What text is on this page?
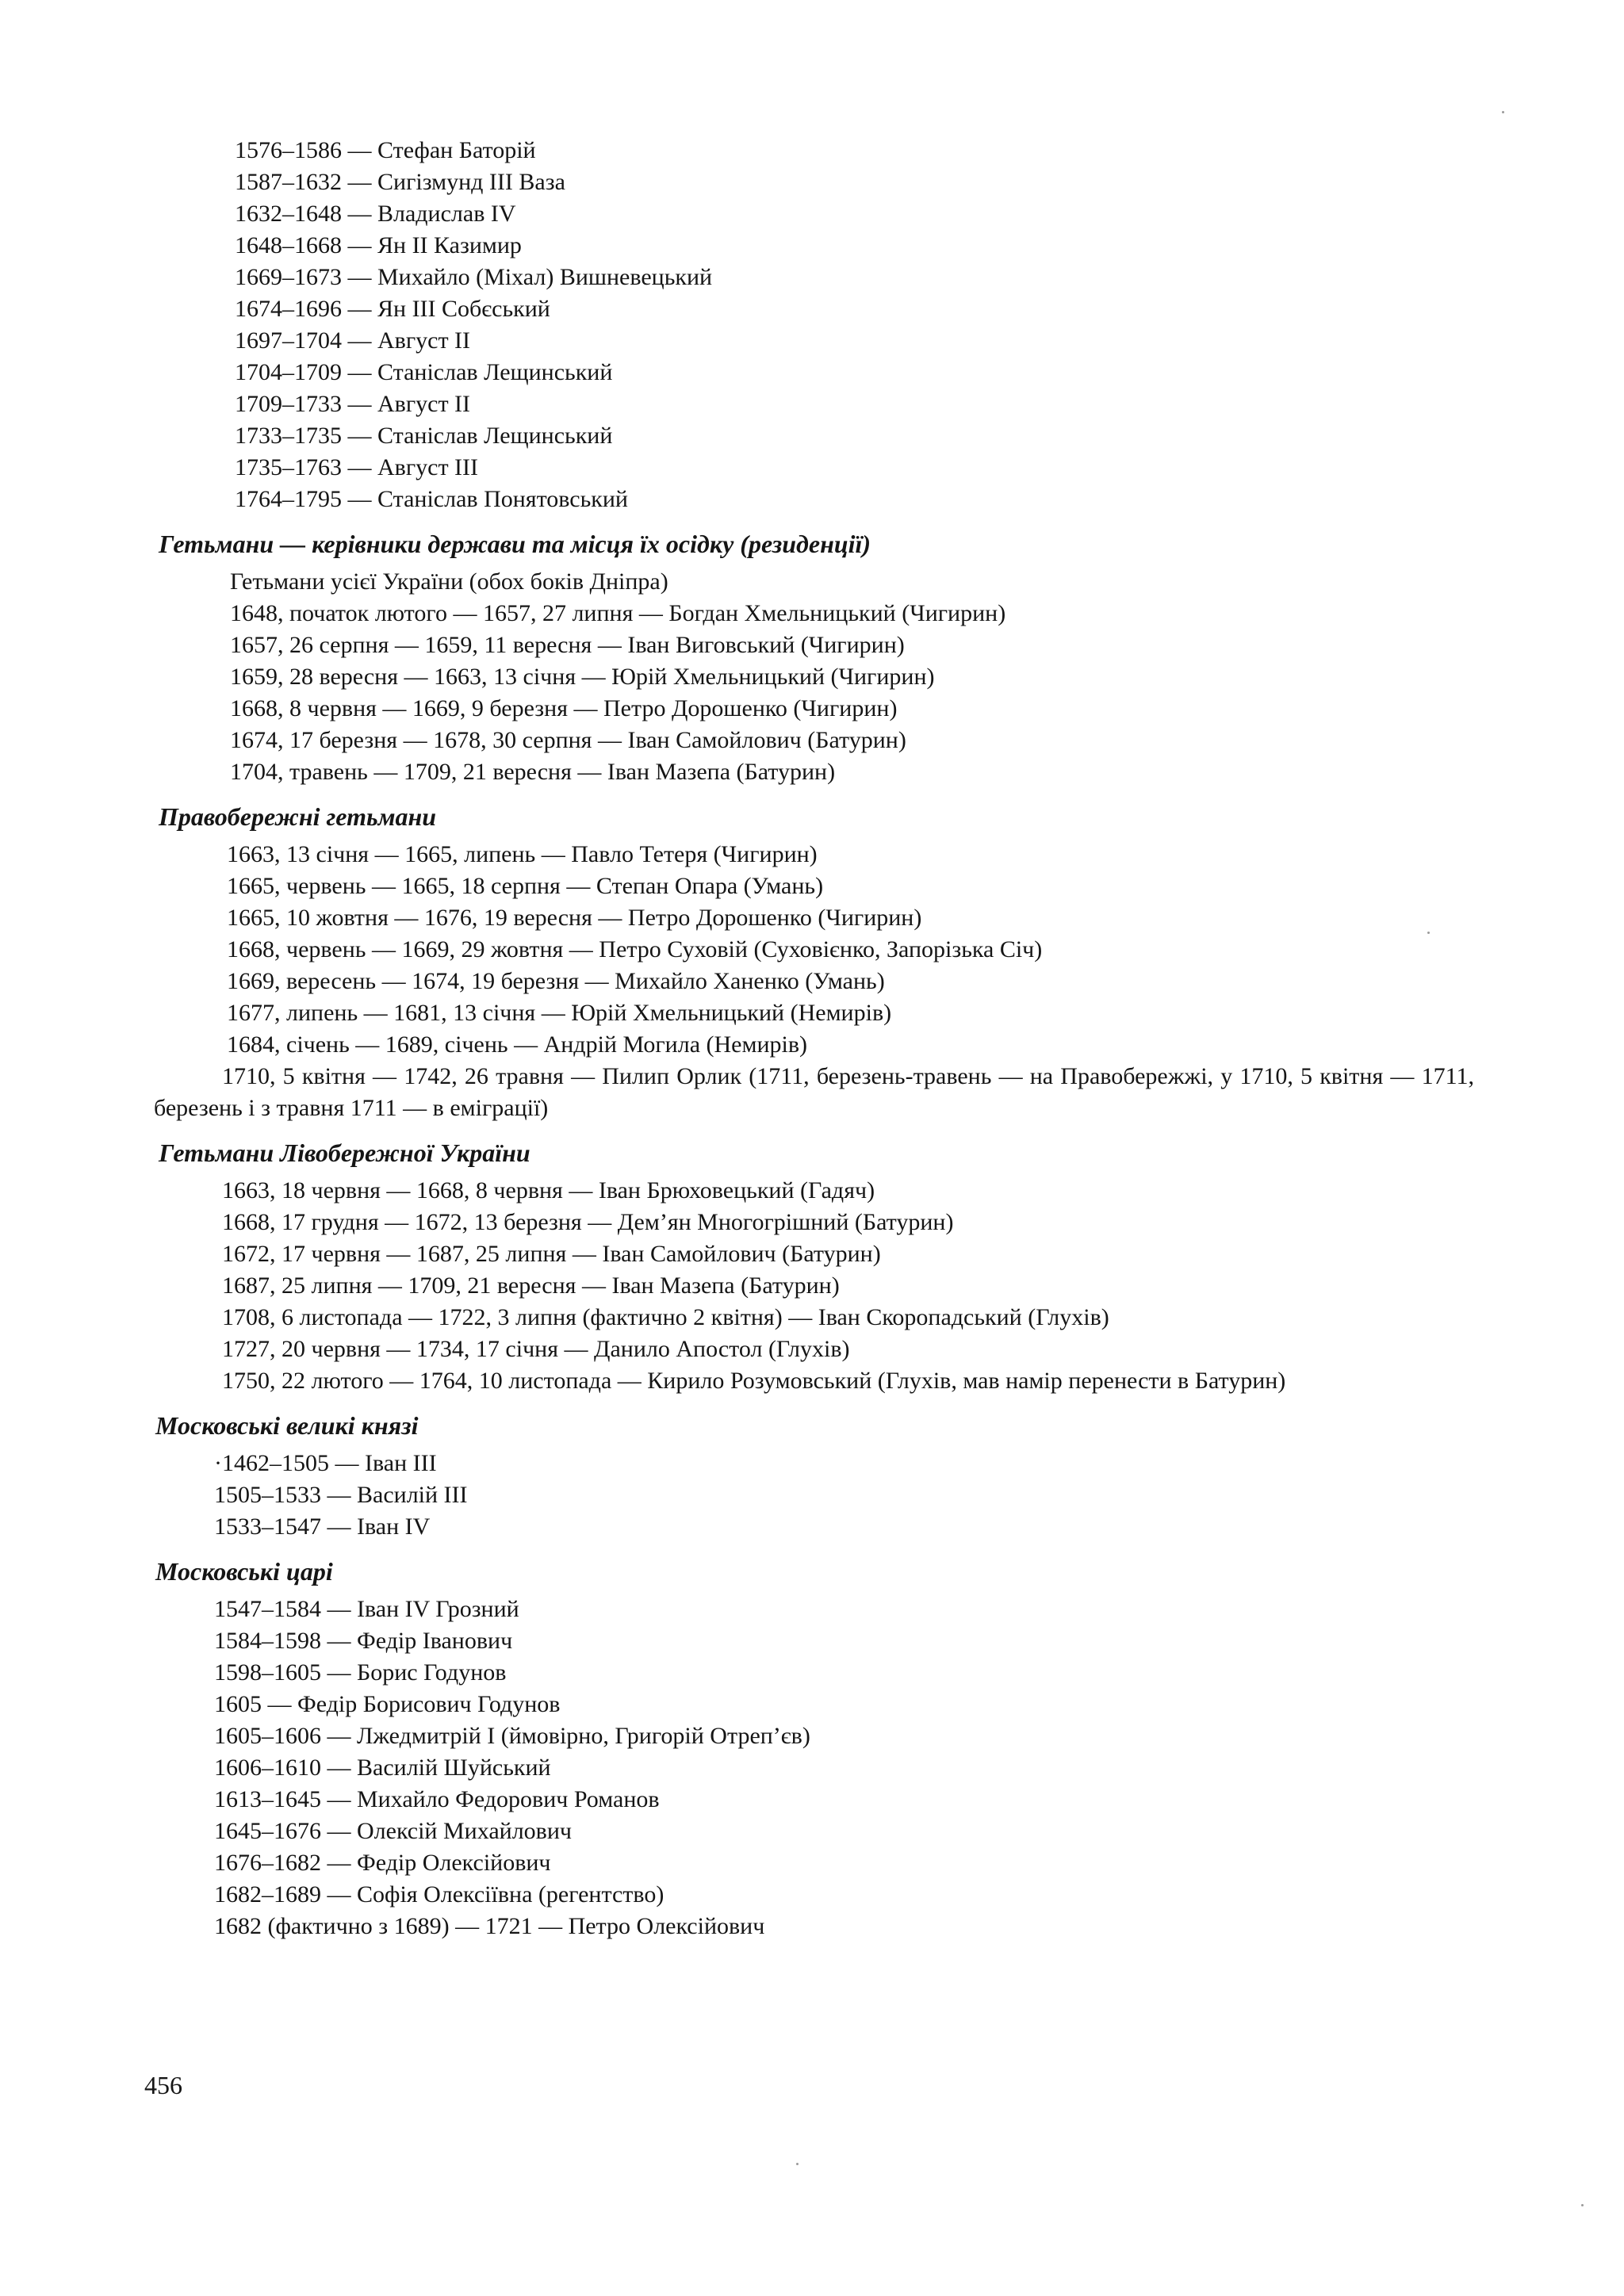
1576–1586 — Стефан Баторій
1587–1632 — Сигізмунд III Ваза
1632–1648 — Владислав IV
1648–1668 — Ян II Казимир
1669–1673 — Михайло (Міхал) Вишневецький
1674–1696 — Ян III Собєський
1697–1704 — Август II
1704–1709 — Станіслав Лещинський
1709–1733 — Август II
1733–1735 — Станіслав Лещинський
1735–1763 — Август III
1764–1795 — Станіслав Понятовський
Гетьмани — керівники держави та місця їх осідку (резиденції)
Гетьмани усієї України (обох боків Дніпра)
1648, початок лютого — 1657, 27 липня — Богдан Хмельницький (Чигирин)
1657, 26 серпня — 1659, 11 вересня — Іван Виговський (Чигирин)
1659, 28 вересня — 1663, 13 січня — Юрій Хмельницький (Чигирин)
1668, 8 червня — 1669, 9 березня — Петро Дорошенко (Чигирин)
1674, 17 березня — 1678, 30 серпня — Іван Самойлович (Батурин)
1704, травень — 1709, 21 вересня — Іван Мазепа (Батурин)
Правобережні гетьмани
1663, 13 січня — 1665, липень — Павло Тетеря (Чигирин)
1665, червень — 1665, 18 серпня — Степан Опара (Умань)
1665, 10 жовтня — 1676, 19 вересня — Петро Дорошенко (Чигирин)
1668, червень — 1669, 29 жовтня — Петро Суховій (Суховієнко, Запорізька Січ)
1669, вересень — 1674, 19 березня — Михайло Ханенко (Умань)
1677, липень — 1681, 13 січня — Юрій Хмельницький (Немирів)
1684, січень — 1689, січень — Андрій Могила (Немирів)
1710, 5 квітня — 1742, 26 травня — Пилип Орлик (1711, березень-травень — на Правобережжі, у 1710, 5 квітня — 1711, березень і з травня 1711 — в еміграції)
Гетьмани Лівобережної України
1663, 18 червня — 1668, 8 червня — Іван Брюховецький (Гадяч)
1668, 17 грудня — 1672, 13 березня — Дем’ян Многогрішний (Батурин)
1672, 17 червня — 1687, 25 липня — Іван Самойлович (Батурин)
1687, 25 липня — 1709, 21 вересня — Іван Мазепа (Батурин)
1708, 6 листопада — 1722, 3 липня (фактично 2 квітня) — Іван Скоропадський (Глухів)
1727, 20 червня — 1734, 17 січня — Данило Апостол (Глухів)
1750, 22 лютого — 1764, 10 листопада — Кирило Розумовський (Глухів, мав намір перенести в Батурин)
Московські великі князі
·1462–1505 — Іван III
1505–1533 — Василій III
1533–1547 — Іван IV
Московські царі
1547–1584 — Іван IV Грозний
1584–1598 — Федір Іванович
1598–1605 — Борис Годунов
1605 — Федір Борисович Годунов
1605–1606 — Лжедмитрій I (ймовірно, Григорій Отреп’єв)
1606–1610 — Василій Шуйський
1613–1645 — Михайло Федорович Романов
1645–1676 — Олексій Михайлович
1676–1682 — Федір Олексійович
1682–1689 — Софія Олексіївна (регентство)
1682 (фактично з 1689) — 1721 — Петро Олексійович
456
